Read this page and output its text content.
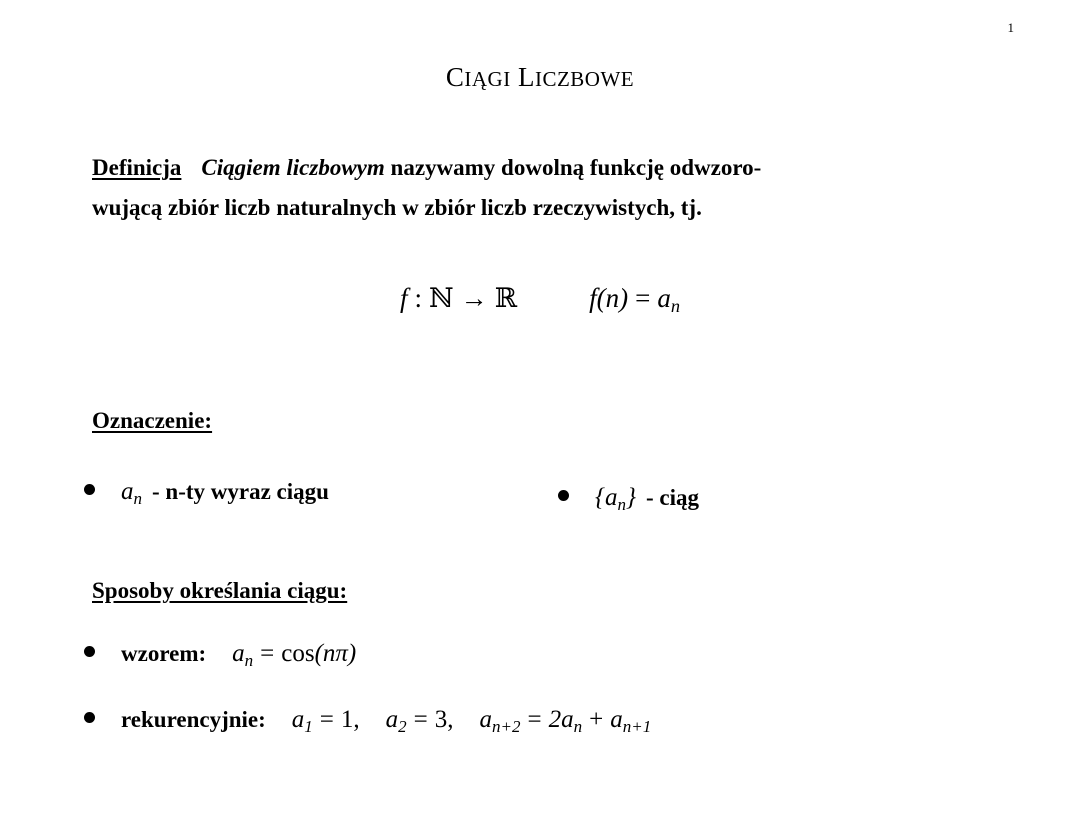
1
CIĄGI LICZBOWE
Definicja Ciągiem liczbowym nazywamy dowolną funkcję odwzoro-
wującą zbiór liczb naturalnych w zbiór liczb rzeczywistych, tj.
f : ℕ → ℝ	$f(n) = a_n$
Oznaczenie:
$a_n - n-ty$ wyraz ciągu	$\{a_n\}$ - ciąg
Sposoby określania ciągu:
wzorem: $a_n = \cos(n\pi)$
rekurencyjnie: $a_1 = 1$, $a_2 = 3$, $a_{n+2} = 2a_n + a_{n+1}$
